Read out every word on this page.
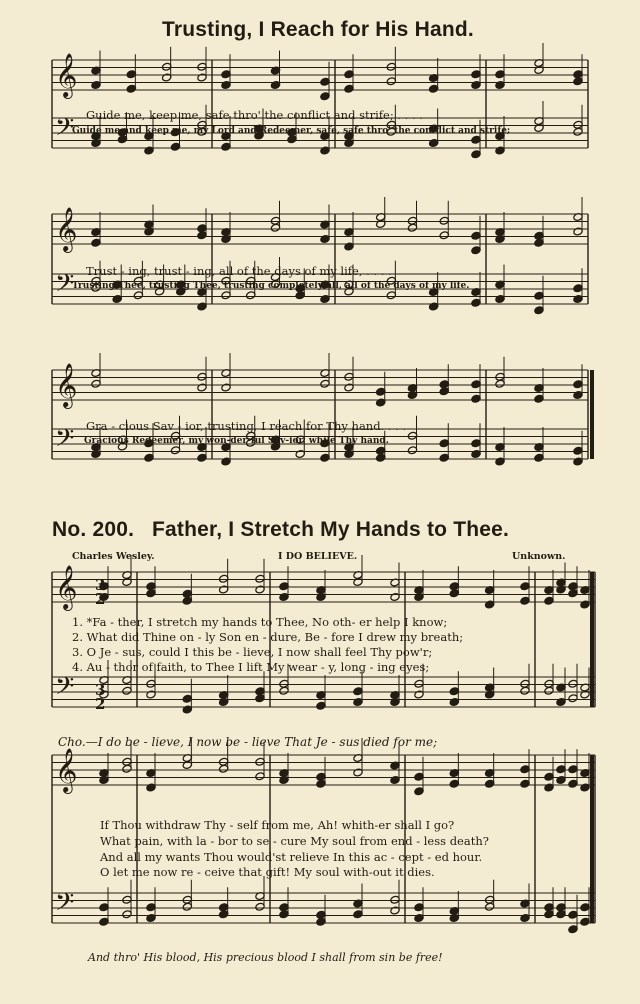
Trusting, I Reach for His Hand.
𝄞
𝄢
𝄞
𝄢
𝄞
𝄢
𝄞
𝄢
𝄞
𝄢
3
2
3
2
Guide me, keep me, safe thro' the conflict and strife; . . . .
Guide me and keep me, my Lord and Redeemer, safe, safe thro' the con-flict and strife;
Trust - ing, trust - ing, all of the days of my life, . . . .
Trusting Thee, trusting Thee, trusting completely all, all of the days of my life.
Gra - cious Sav - ior, trusting, I reach for Thy hand. . . .
Gracious Redeemer, my won-der-ful Sav-ior, while Thy hand.
No. 200. Father, I Stretch My Hands to Thee.
Charles Wesley.	I DO BELIEVE.	Unknown.
1. *Fa - ther, I stretch my hands to Thee, No oth- er help I know;
2. What did Thine on - ly Son en - dure, Be - fore I drew my breath;
3. O Je - sus, could I this be - lieve, I now shall feel Thy pow'r;
4. Au - thor of faith, to Thee I lift My wear - y, long - ing eyes;
Cho.—I do be - lieve, I now be - lieve That Je - sus died for me;
If Thou withdraw Thy - self from me, Ah! whith-er shall I go?
What pain, with la - bor to se - cure My soul from end - less death?
And all my wants Thou would'st relieve In this ac - cept - ed hour.
O let me now re - ceive that gift! My soul with-out it dies.
And thro' His blood, His precious blood I shall from sin be free!
